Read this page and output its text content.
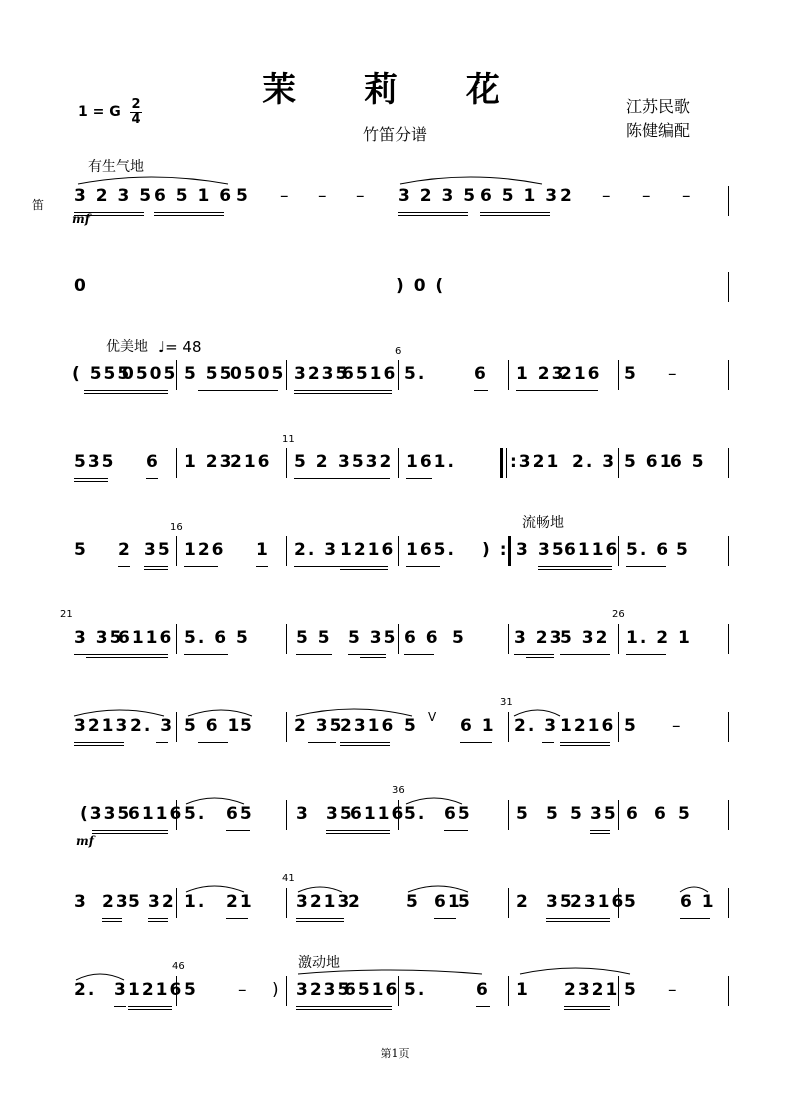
茉 莉 花
竹笛分谱
江苏民歌
陈健编配
1 = G 2
4
笛
有生气地
优美地 ♩= 48
流畅地
激动地
mf
mf
6
11
16
21	26
31
36
41
46
3 2 3 5 6 5 1 6 5 – – – 3 2 3 5 6 5 1 3 2 – – –
0	) 0 (
( 555
0505 5 55
0505 3235
6516 5.	6 1 23
216 5 –
535 6 1 23
216 5 2 3532 161.	:321 2. 3 5 61
6 5
5 2 35 126 1 2. 3 1216 165. ) : 3 35
6116 5. 6 5
3 35
6116 5. 6 5	5 5 5 35 6 6 5	3 23
5 32 1. 2 1
3213 2. 3 5 6 1
5 2 35
2316 5 V 6 1 2. 3 1216 5 –
(335
6116 5. 65 3 35
6116
5. 65	5 5 5 35 6 6 5
3 23
5 32 1. 21 3213
2	5 61
5	2 35
2316
5 6 1
2. 3 1216 5 – ) 3235
6516 5.	6 1 2321 5 –
第1页
